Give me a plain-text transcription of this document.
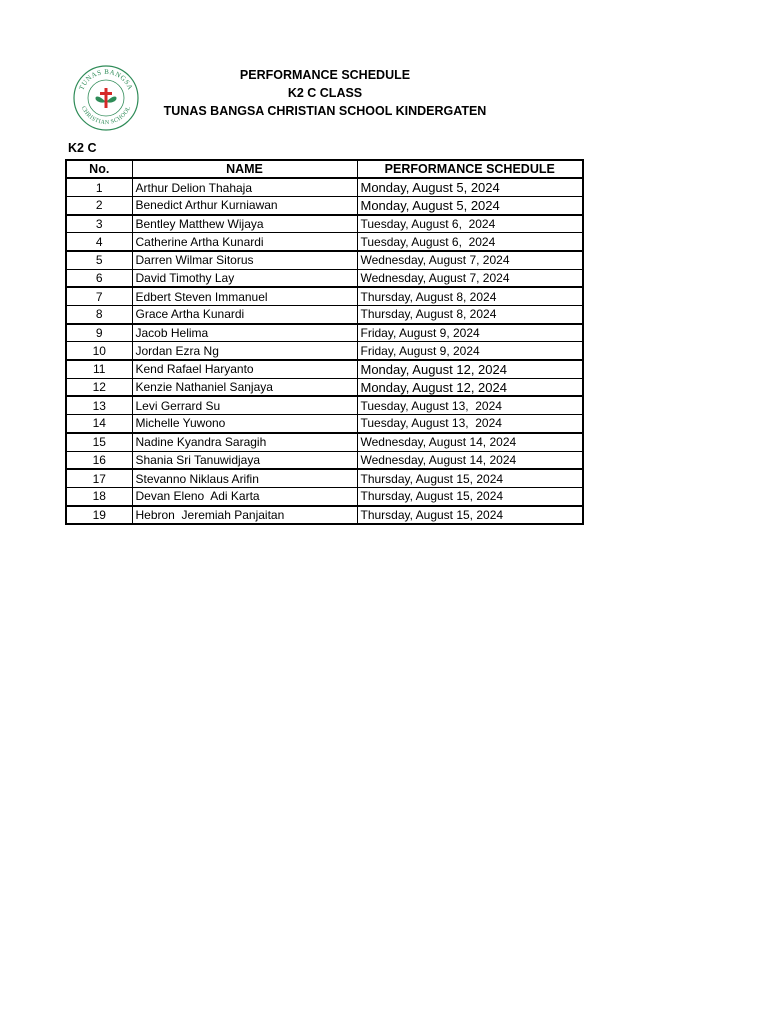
TUNAS BANGSA
CHRISTIAN SCHOOL
PERFORMANCE SCHEDULE
K2 C CLASS
TUNAS BANGSA CHRISTIAN SCHOOL KINDERGATEN
K2 C
No.	NAME	PERFORMANCE SCHEDULE
1	Arthur Delion Thahaja	Monday, August 5, 2024
2	Benedict Arthur Kurniawan	Monday, August 5, 2024
3	Bentley Matthew Wijaya	Tuesday, August 6,  2024
4	Catherine Artha Kunardi	Tuesday, August 6,  2024
5	Darren Wilmar Sitorus	Wednesday, August 7, 2024
6	David Timothy Lay	Wednesday, August 7, 2024
7	Edbert Steven Immanuel	Thursday, August 8, 2024
8	Grace Artha Kunardi	Thursday, August 8, 2024
9	Jacob Helima	Friday, August 9, 2024
10	Jordan Ezra Ng	Friday, August 9, 2024
11	Kend Rafael Haryanto	Monday, August 12, 2024
12	Kenzie Nathaniel Sanjaya	Monday, August 12, 2024
13	Levi Gerrard Su	Tuesday, August 13,  2024
14	Michelle Yuwono	Tuesday, August 13,  2024
15	Nadine Kyandra Saragih	Wednesday, August 14, 2024
16	Shania Sri Tanuwidjaya	Wednesday, August 14, 2024
17	Stevanno Niklaus Arifin	Thursday, August 15, 2024
18	Devan Eleno  Adi Karta	Thursday, August 15, 2024
19	Hebron  Jeremiah Panjaitan	Thursday, August 15, 2024
